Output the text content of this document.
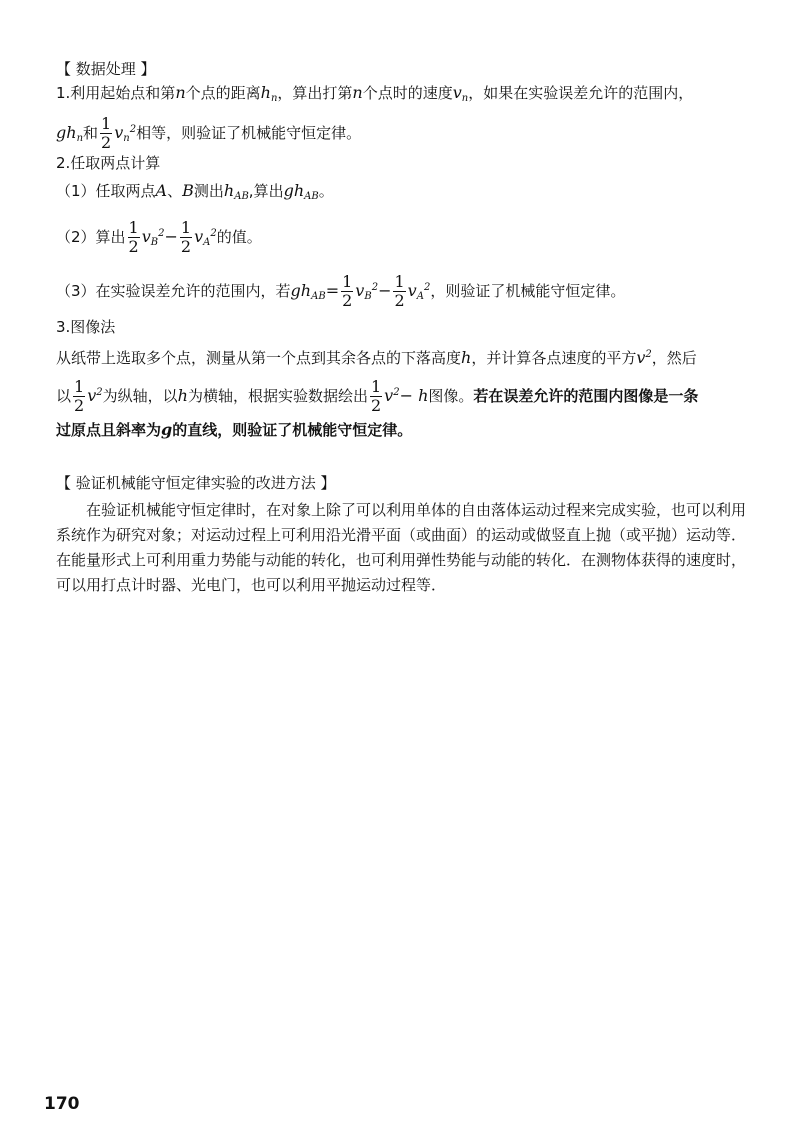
【 数据处理 】

1.利用起始点和第n个点的距离$h_n$，算出打第n个点时的速度$v_n$，如果在实验误差允许的范围内，

$gh_n$和 $\frac{1}{2} v_n^2$相等，则验证了机械能守恒定律。

2.任取两点计算

（1）任取两点A、B测出$h_{AB}$,算出$gh_{AB}$。

（2）算出 $\frac{1}{2} v_B^2- \frac{1}{2} v_A^2$的值。

（3）在实验误差允许的范围内，若$gh_{AB}= \frac{1}{2} v_B^2- \frac{1}{2} v_A^2$，则验证了机械能守恒定律。

3.图像法

从纸带上选取多个点，测量从第一个点到其余各点的下落高度h，并计算各点速度的平方$v^2$，然后

以 $\frac{1}{2} v^2$为纵轴，以h为横轴，根据实验数据绘出 $\frac{1}{2} v^2- h$图像。若在误差允许的范围内图像是一条

过原点且斜率为g的直线，则验证了机械能守恒定律。

【 验证机械能守恒定律实验的改进方法 】

在验证机械能守恒定律时，在对象上除了可以利用单体的自由落体运动过程来完成实验，也可以利用系统作为研究对象；对运动过程上可利用沿光滑平面（或曲面）的运动或做竖直上抛（或平抛）运动等．在能量形式上可利用重力势能与动能的转化，也可利用弹性势能与动能的转化．在测物体获得的速度时，可以用打点计时器、光电门，也可以利用平抛运动过程等．

170
